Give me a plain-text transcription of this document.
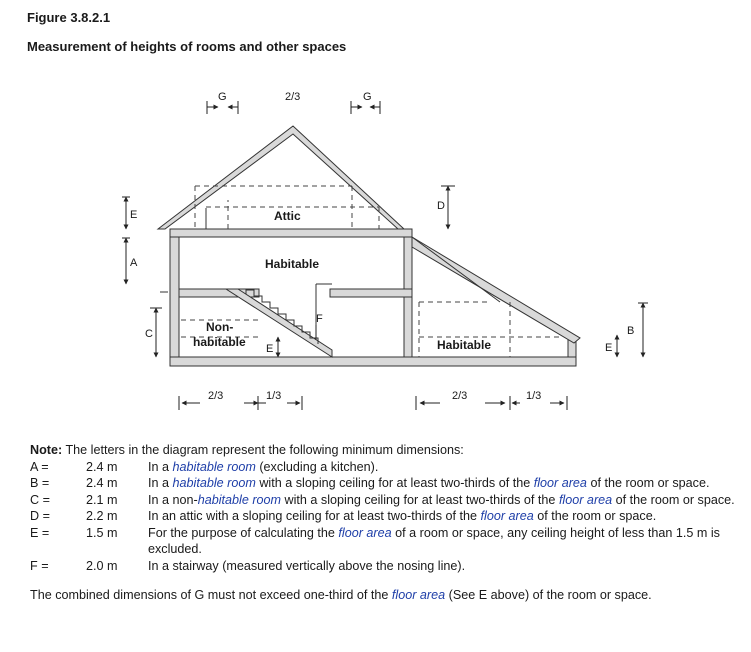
Figure 3.8.2.1
Measurement of heights of rooms and other spaces
Attic
Habitable
Non-
habitable	Habitable
A
E
C
D
B
E
E
F
G	G
2/3
2/3	1/3	2/3	1/3
Note: The letters in the diagram represent the following minimum dimensions:
A =	2.4 m	In a habitable room (excluding a kitchen).
B =	2.4 m	In a habitable room with a sloping ceiling for at least two-thirds of the floor area of the room or space.
C =	2.1 m	In a non-habitable room with a sloping ceiling for at least two-thirds of the floor area of the room or space.
D =	2.2 m	In an attic with a sloping ceiling for at least two-thirds of the floor area of the room or space.
E =	1.5 m	For the purpose of calculating the floor area of a room or space, any ceiling height of less than 1.5 m is excluded.
F =	2.0 m	In a stairway (measured vertically above the nosing line).
The combined dimensions of G must not exceed one-third of the floor area (See E above) of the room or space.
